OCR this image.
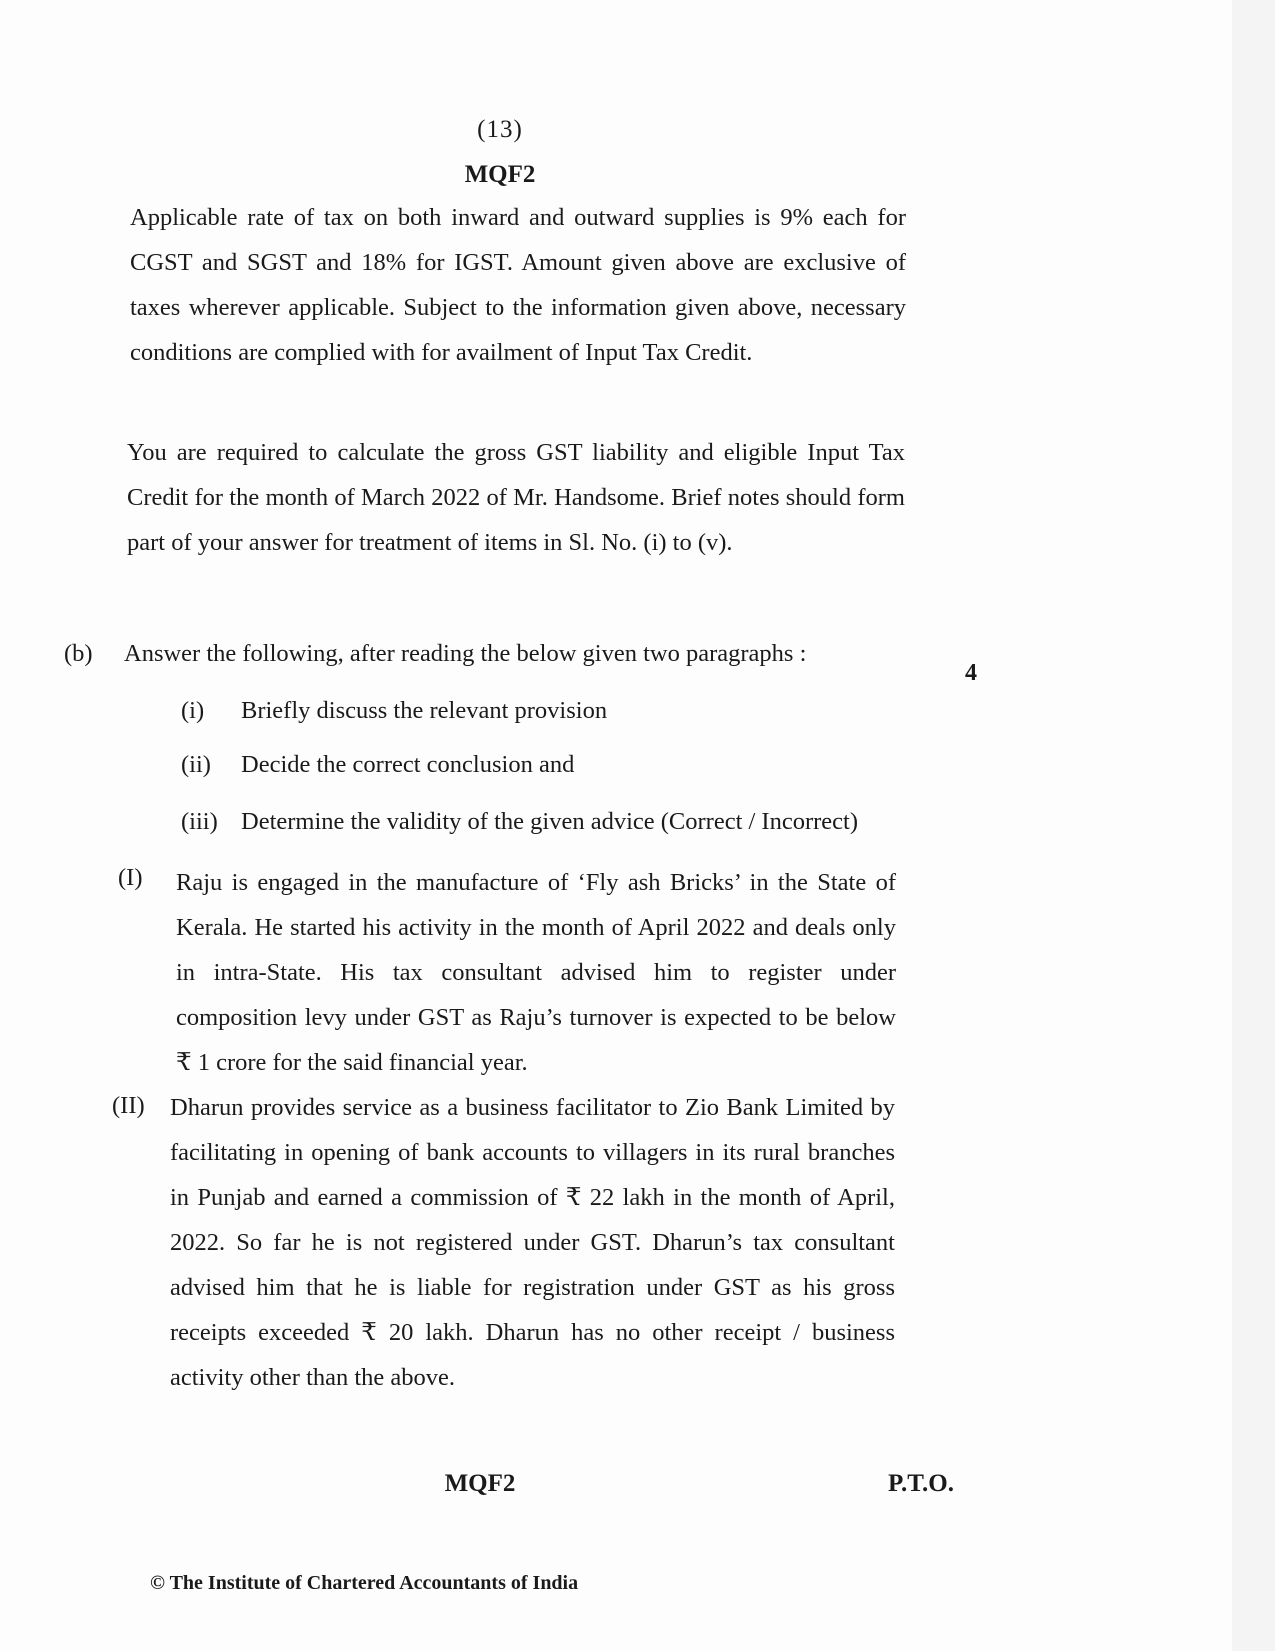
(13)
MQF2
Applicable rate of tax on both inward and outward supplies is 9% each for CGST and SGST and 18% for IGST. Amount given above are exclusive of taxes wherever applicable. Subject to the information given above, necessary conditions are complied with for availment of Input Tax Credit.
You are required to calculate the gross GST liability and eligible Input Tax Credit for the month of March 2022 of Mr. Handsome. Brief notes should form part of your answer for treatment of items in Sl. No. (i) to (v).
(b) Answer the following, after reading the below given two paragraphs :
4
(i) Briefly discuss the relevant provision
(ii) Decide the correct conclusion and
(iii) Determine the validity of the given advice (Correct / Incorrect)
(I) Raju is engaged in the manufacture of ‘Fly ash Bricks’ in the State of Kerala. He started his activity in the month of April 2022 and deals only in intra-State. His tax consultant advised him to register under composition levy under GST as Raju’s turnover is expected to be below ₹ 1 crore for the said financial year.
(II) Dharun provides service as a business facilitator to Zio Bank Limited by facilitating in opening of bank accounts to villagers in its rural branches in Punjab and earned a commission of ₹ 22 lakh in the month of April, 2022. So far he is not registered under GST. Dharun’s tax consultant advised him that he is liable for registration under GST as his gross receipts exceeded ₹ 20 lakh. Dharun has no other receipt / business activity other than the above.
MQF2	P.T.O.
© The Institute of Chartered Accountants of India
